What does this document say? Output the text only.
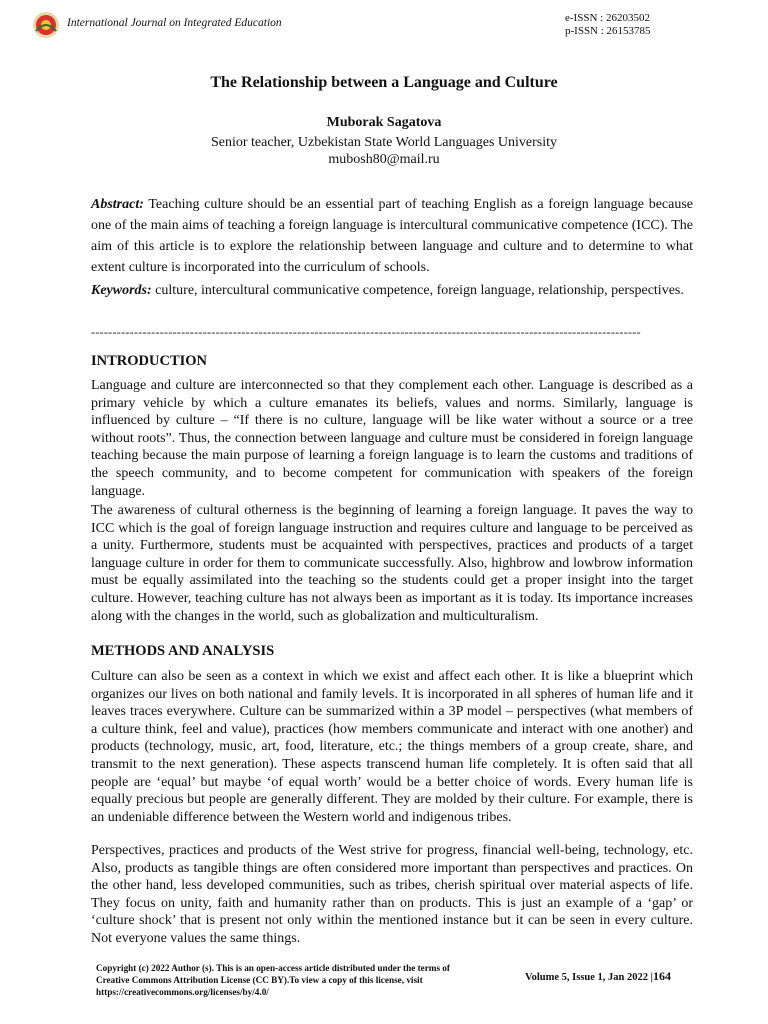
International Journal on Integrated Education	e-ISSN : 26203502
p-ISSN : 26153785
The Relationship between a Language and Culture
Muborak Sagatova
Senior teacher, Uzbekistan State World Languages University
mubosh80@mail.ru
Abstract: Teaching culture should be an essential part of teaching English as a foreign language because one of the main aims of teaching a foreign language is intercultural communicative competence (ICC). The aim of this article is to explore the relationship between language and culture and to determine to what extent culture is incorporated into the curriculum of schools.
Keywords: culture, intercultural communicative competence, foreign language, relationship, perspectives.
--------------------------------------------------------------------------------------------------------------------------------
INTRODUCTION
Language and culture are interconnected so that they complement each other. Language is described as a primary vehicle by which a culture emanates its beliefs, values and norms. Similarly, language is influenced by culture – “If there is no culture, language will be like water without a source or a tree without roots”. Thus, the connection between language and culture must be considered in foreign language teaching because the main purpose of learning a foreign language is to learn the customs and traditions of the speech community, and to become competent for communication with speakers of the foreign language.
The awareness of cultural otherness is the beginning of learning a foreign language. It paves the way to ICC which is the goal of foreign language instruction and requires culture and language to be perceived as a unity. Furthermore, students must be acquainted with perspectives, practices and products of a target language culture in order for them to communicate successfully. Also, highbrow and lowbrow information must be equally assimilated into the teaching so the students could get a proper insight into the target culture. However, teaching culture has not always been as important as it is today. Its importance increases along with the changes in the world, such as globalization and multiculturalism.
METHODS AND ANALYSIS
Culture can also be seen as a context in which we exist and affect each other. It is like a blueprint which organizes our lives on both national and family levels. It is incorporated in all spheres of human life and it leaves traces everywhere. Culture can be summarized within a 3P model – perspectives (what members of a culture think, feel and value), practices (how members communicate and interact with one another) and products (technology, music, art, food, literature, etc.; the things members of a group create, share, and transmit to the next generation). These aspects transcend human life completely. It is often said that all people are ‘equal’ but maybe ‘of equal worth’ would be a better choice of words. Every human life is equally precious but people are generally different. They are molded by their culture. For example, there is an undeniable difference between the Western world and indigenous tribes.
Perspectives, practices and products of the West strive for progress, financial well-being, technology, etc. Also, products as tangible things are often considered more important than perspectives and practices. On the other hand, less developed communities, such as tribes, cherish spiritual over material aspects of life. They focus on unity, faith and humanity rather than on products. This is just an example of a ‘gap’ or ‘culture shock’ that is present not only within the mentioned instance but it can be seen in every culture. Not everyone values the same things.
Copyright (c) 2022 Author (s). This is an open-access article distributed under the terms of Creative Commons Attribution License (CC BY).To view a copy of this license, visit https://creativecommons.org/licenses/by/4.0/
Volume 5, Issue 1, Jan 2022 |164
